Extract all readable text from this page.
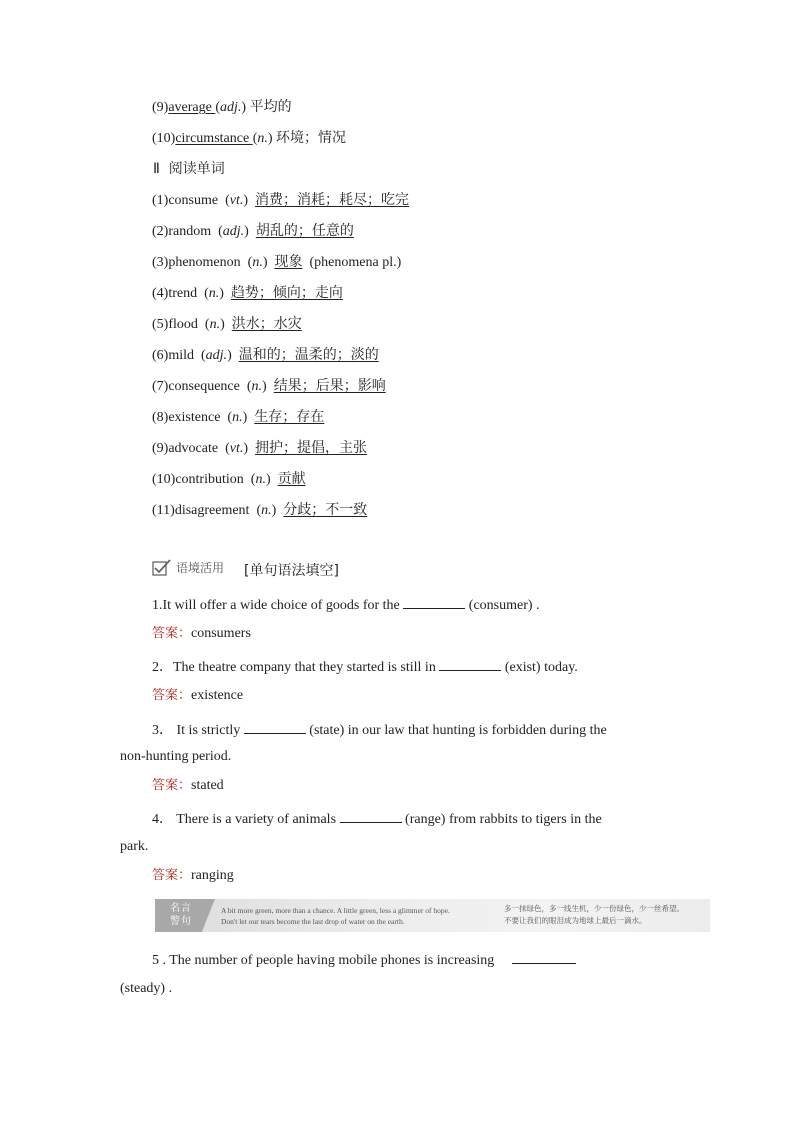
(9)average (adj.) 平均的
(10)circumstance (n.) 环境；情况
Ⅱ 阅读单词
(1)consume  (vt.)  消费；消耗；耗尽；吃完
(2)random  (adj.)  胡乱的；任意的
(3)phenomenon  (n.)  现象 (phenomena pl.)
(4)trend  (n.)  趋势；倾向；走向
(5)flood  (n.)  洪水；水灾
(6)mild  (adj.)  温和的；温柔的；淡的
(7)consequence  (n.)  结果；后果；影响
(8)existence  (n.)  生存；存在
(9)advocate  (vt.)  拥护；提倡，主张
(10)contribution  (n.)  贡献
(11)disagreement  (n.)  分歧；不一致
语境活用 [单句语法填空]
1.It will offer a wide choice of goods for the	(consumer) .
答案：consumers
2．The theatre company that they started is still in	(exist) today.
答案：existence
3． It is strictly	(state) in our law that hunting is forbidden during the
non-hunting period.
答案：stated
4． There is a variety of animals	(range) from rabbits to tigers in the
park.
答案：ranging
名言警句
A bit more green, more than a chance. A little green, less a glimmer of hope.
Don't let our tears become the last drop of water on the earth.
多一抹绿色，多一线生机，少一份绿色，少一丝希望。
不要让我们的眼泪成为地球上最后一滴水。
5 . The number of people having mobile phones is increasing
(steady) .
